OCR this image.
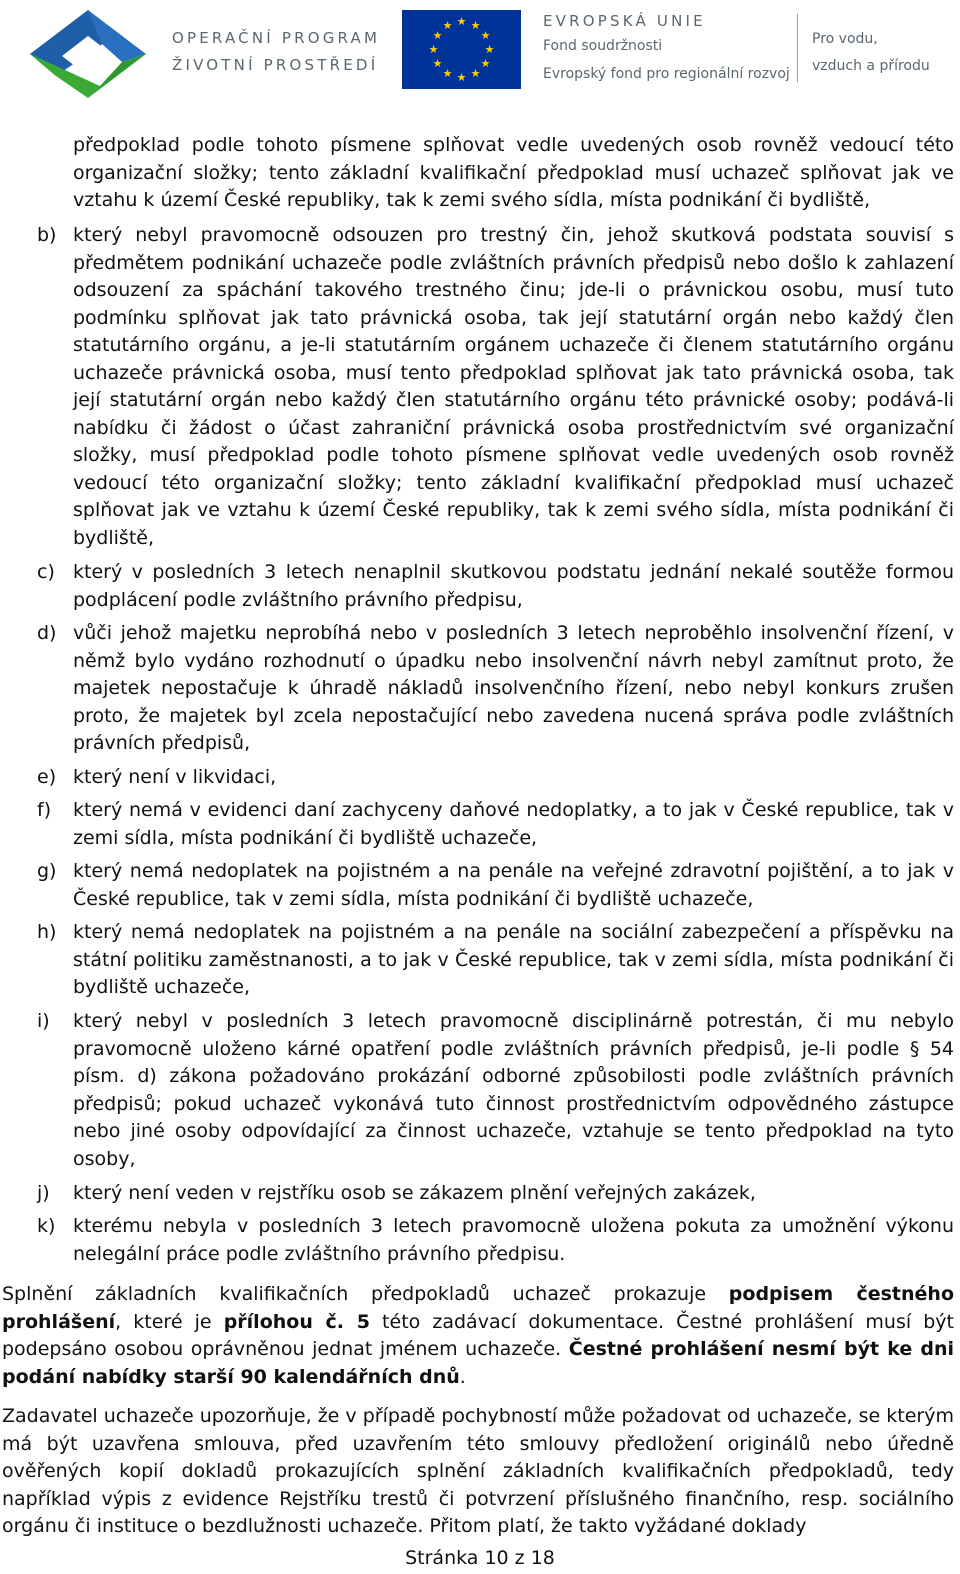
OPERAČNÍ PROGRAM
ŽIVOTNÍ PROSTŘEDÍ
★ ★
★
★
★
★
★
★
★
★
★
★	EVROPSKÁ UNIE
Fond soudržnosti
Evropský fond pro regionální rozvoj
Pro vodu,
vzduch a přírodu
předpoklad podle tohoto písmene splňovat vedle uvedených osob rovněž vedoucí této organizační složky; tento základní kvalifikační předpoklad musí uchazeč splňovat jak ve vztahu k území České republiky, tak k zemi svého sídla, místa podnikání či bydliště,
b) který nebyl pravomocně odsouzen pro trestný čin, jehož skutková podstata souvisí s předmětem podnikání uchazeče podle zvláštních právních předpisů nebo došlo k zahlazení odsouzení za spáchání takového trestného činu; jde-li o právnickou osobu, musí tuto podmínku splňovat jak tato právnická osoba, tak její statutární orgán nebo každý člen statutárního orgánu, a je-li statutárním orgánem uchazeče či členem statutárního orgánu uchazeče právnická osoba, musí tento předpoklad splňovat jak tato právnická osoba, tak její statutární orgán nebo každý člen statutárního orgánu této právnické osoby; podává-li nabídku či žádost o účast zahraniční právnická osoba prostřednictvím své organizační složky, musí předpoklad podle tohoto písmene splňovat vedle uvedených osob rovněž vedoucí této organizační složky; tento základní kvalifikační předpoklad musí uchazeč splňovat jak ve vztahu k území České republiky, tak k zemi svého sídla, místa podnikání či bydliště,
c) který v posledních 3 letech nenaplnil skutkovou podstatu jednání nekalé soutěže formou podplácení podle zvláštního právního předpisu,
d) vůči jehož majetku neprobíhá nebo v posledních 3 letech neproběhlo insolvenční řízení, v němž bylo vydáno rozhodnutí o úpadku nebo insolvenční návrh nebyl zamítnut proto, že majetek nepostačuje k úhradě nákladů insolvenčního řízení, nebo nebyl konkurs zrušen proto, že majetek byl zcela nepostačující nebo zavedena nucená správa podle zvláštních právních předpisů,
e) který není v likvidaci,
f) který nemá v evidenci daní zachyceny daňové nedoplatky, a to jak v České republice, tak v zemi sídla, místa podnikání či bydliště uchazeče,
g) který nemá nedoplatek na pojistném a na penále na veřejné zdravotní pojištění, a to jak v České republice, tak v zemi sídla, místa podnikání či bydliště uchazeče,
h) který nemá nedoplatek na pojistném a na penále na sociální zabezpečení a příspěvku na státní politiku zaměstnanosti, a to jak v České republice, tak v zemi sídla, místa podnikání či bydliště uchazeče,
i) který nebyl v posledních 3 letech pravomocně disciplinárně potrestán, či mu nebylo pravomocně uloženo kárné opatření podle zvláštních právních předpisů, je-li podle § 54 písm. d) zákona požadováno prokázání odborné způsobilosti podle zvláštních právních předpisů; pokud uchazeč vykonává tuto činnost prostřednictvím odpovědného zástupce nebo jiné osoby odpovídající za činnost uchazeče, vztahuje se tento předpoklad na tyto osoby,
j) který není veden v rejstříku osob se zákazem plnění veřejných zakázek,
k) kterému nebyla v posledních 3 letech pravomocně uložena pokuta za umožnění výkonu nelegální práce podle zvláštního právního předpisu.
Splnění základních kvalifikačních předpokladů uchazeč prokazuje podpisem čestného prohlášení, které je přílohou č. 5 této zadávací dokumentace. Čestné prohlášení musí být podepsáno osobou oprávněnou jednat jménem uchazeče. Čestné prohlášení nesmí být ke dni podání nabídky starší 90 kalendářních dnů.
Zadavatel uchazeče upozorňuje, že v případě pochybností může požadovat od uchazeče, se kterým má být uzavřena smlouva, před uzavřením této smlouvy předložení originálů nebo úředně ověřených kopií dokladů prokazujících splnění základních kvalifikačních předpokladů, tedy například výpis z evidence Rejstříku trestů či potvrzení příslušného finančního, resp. sociálního orgánu či instituce o bezdlužnosti uchazeče. Přitom platí, že takto vyžádané doklady
Stránka 10 z 18
